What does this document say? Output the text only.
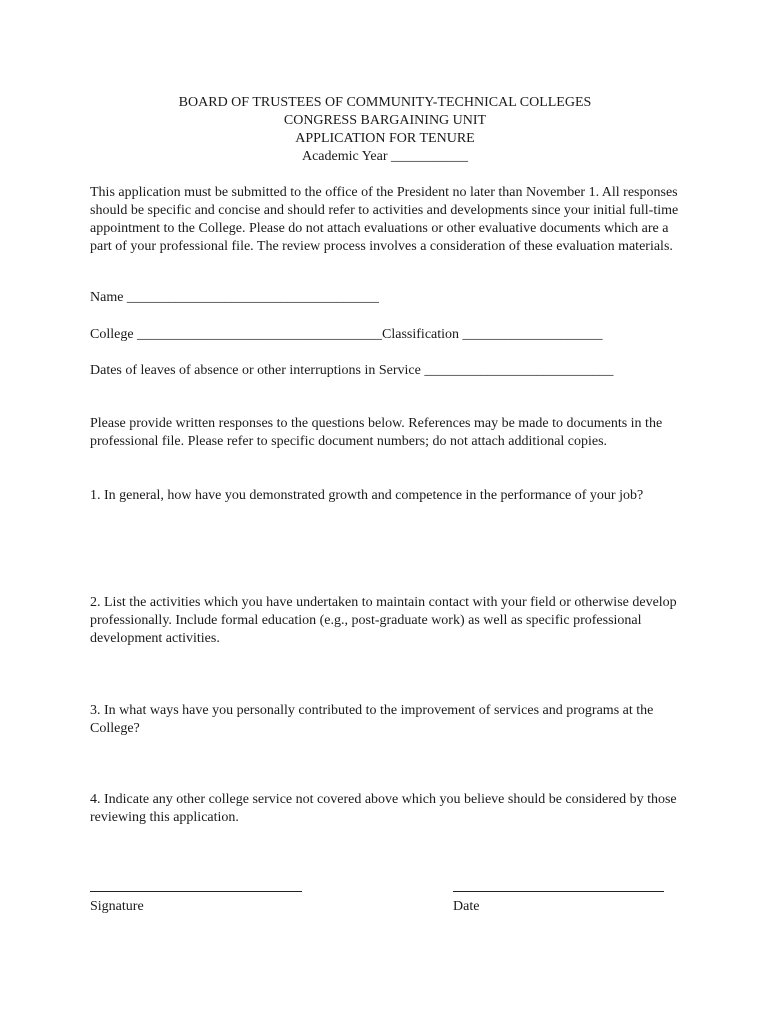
BOARD OF TRUSTEES OF COMMUNITY-TECHNICAL COLLEGES
CONGRESS BARGAINING UNIT
APPLICATION FOR TENURE
Academic Year ___________

This application must be submitted to the office of the President no later than November 1. All responses should be specific and concise and should refer to activities and developments since your initial full-time appointment to the College. Please do not attach evaluations or other evaluative documents which are a part of your professional file. The review process involves a consideration of these evaluation materials.

Name ____________________________________

College ___________________________________Classification ____________________

Dates of leaves of absence or other interruptions in Service ___________________________

Please provide written responses to the questions below. References may be made to documents in the professional file. Please refer to specific document numbers; do not attach additional copies.

1. In general, how have you demonstrated growth and competence in the performance of your job?

2. List the activities which you have undertaken to maintain contact with your field or otherwise develop professionally. Include formal education (e.g., post-graduate work) as well as specific professional development activities.

3. In what ways have you personally contributed to the improvement of services and programs at the College?

4. Indicate any other college service not covered above which you believe should be considered by those reviewing this application.

Signature	Date
